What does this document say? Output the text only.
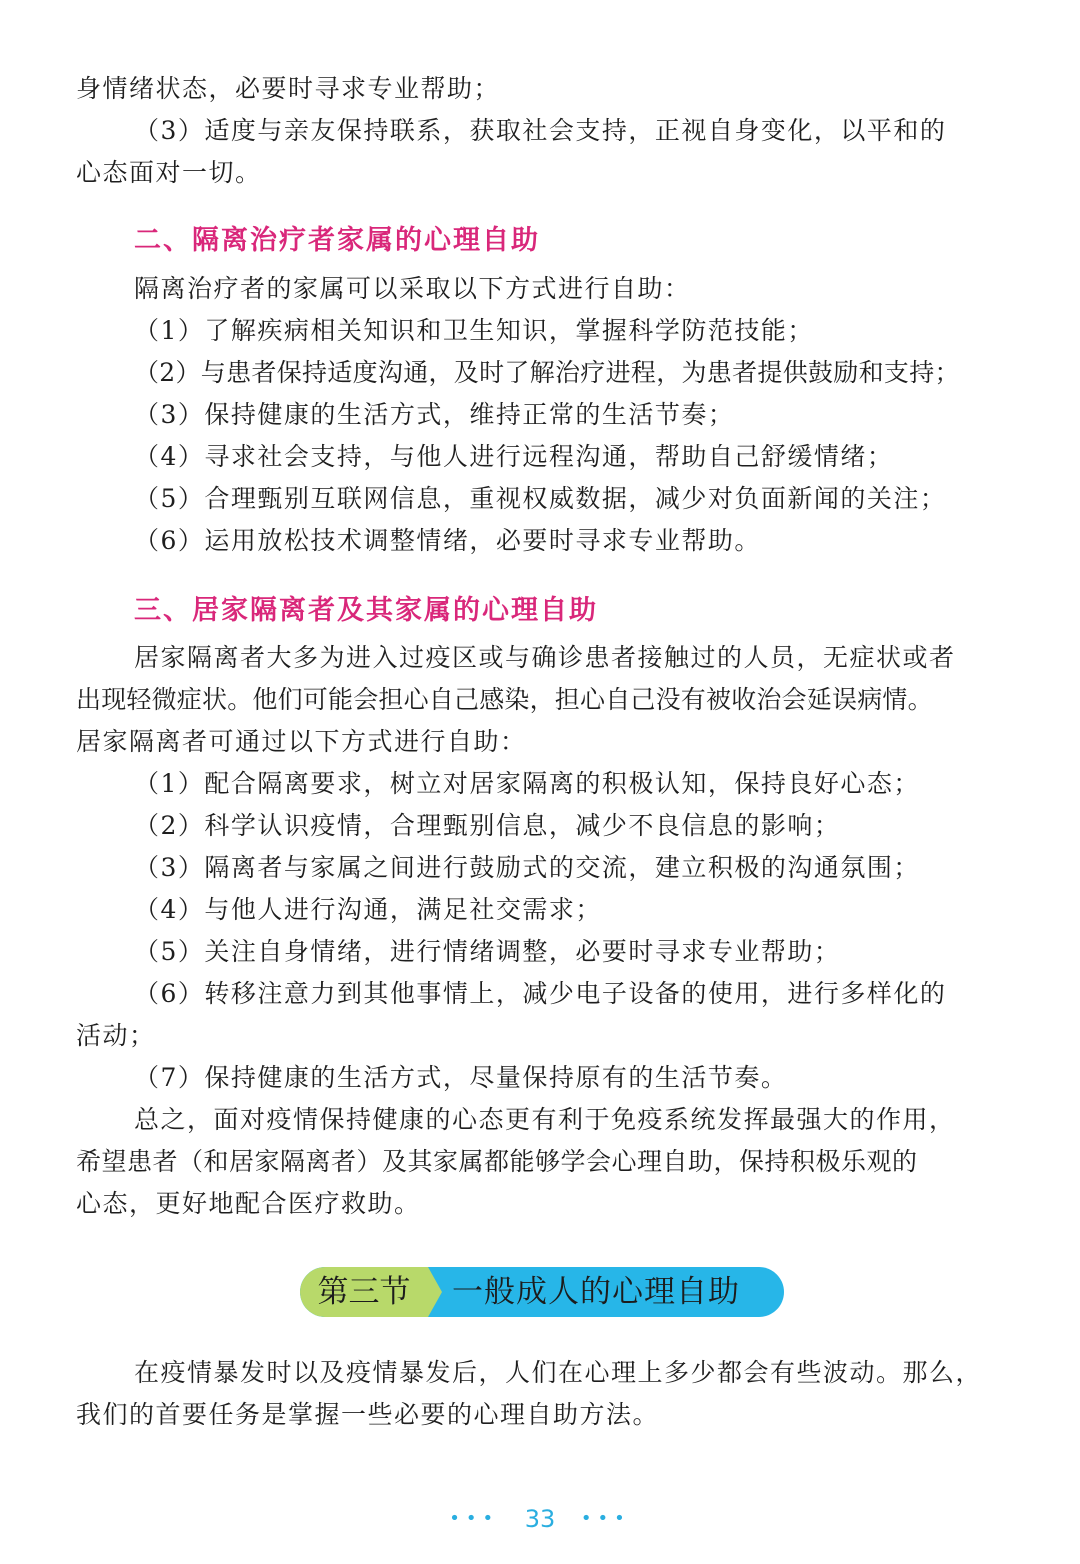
身情绪状态，必要时寻求专业帮助；

（3）适度与亲友保持联系，获取社会支持，正视自身变化，以平和的

心态面对一切。

二、隔离治疗者家属的心理自助

隔离治疗者的家属可以采取以下方式进行自助：

（1）了解疾病相关知识和卫生知识，掌握科学防范技能；

（2）与患者保持适度沟通，及时了解治疗进程，为患者提供鼓励和支持；

（3）保持健康的生活方式，维持正常的生活节奏；

（4）寻求社会支持，与他人进行远程沟通，帮助自己舒缓情绪；

（5）合理甄别互联网信息，重视权威数据，减少对负面新闻的关注；

（6）运用放松技术调整情绪，必要时寻求专业帮助。

三、居家隔离者及其家属的心理自助

居家隔离者大多为进入过疫区或与确诊患者接触过的人员，无症状或者

出现轻微症状。他们可能会担心自己感染，担心自己没有被收治会延误病情。

居家隔离者可通过以下方式进行自助：

（1）配合隔离要求，树立对居家隔离的积极认知，保持良好心态；

（2）科学认识疫情，合理甄别信息，减少不良信息的影响；

（3）隔离者与家属之间进行鼓励式的交流，建立积极的沟通氛围；

（4）与他人进行沟通，满足社交需求；

（5）关注自身情绪，进行情绪调整，必要时寻求专业帮助；

（6）转移注意力到其他事情上，减少电子设备的使用，进行多样化的

活动；

（7）保持健康的生活方式，尽量保持原有的生活节奏。

总之，面对疫情保持健康的心态更有利于免疫系统发挥最强大的作用，

希望患者（和居家隔离者）及其家属都能够学会心理自助，保持积极乐观的

心态，更好地配合医疗救助。

第三节	一般成人的心理自助

在疫情暴发时以及疫情暴发后，人们在心理上多少都会有些波动。那么，

我们的首要任务是掌握一些必要的心理自助方法。

••• 33 •••
